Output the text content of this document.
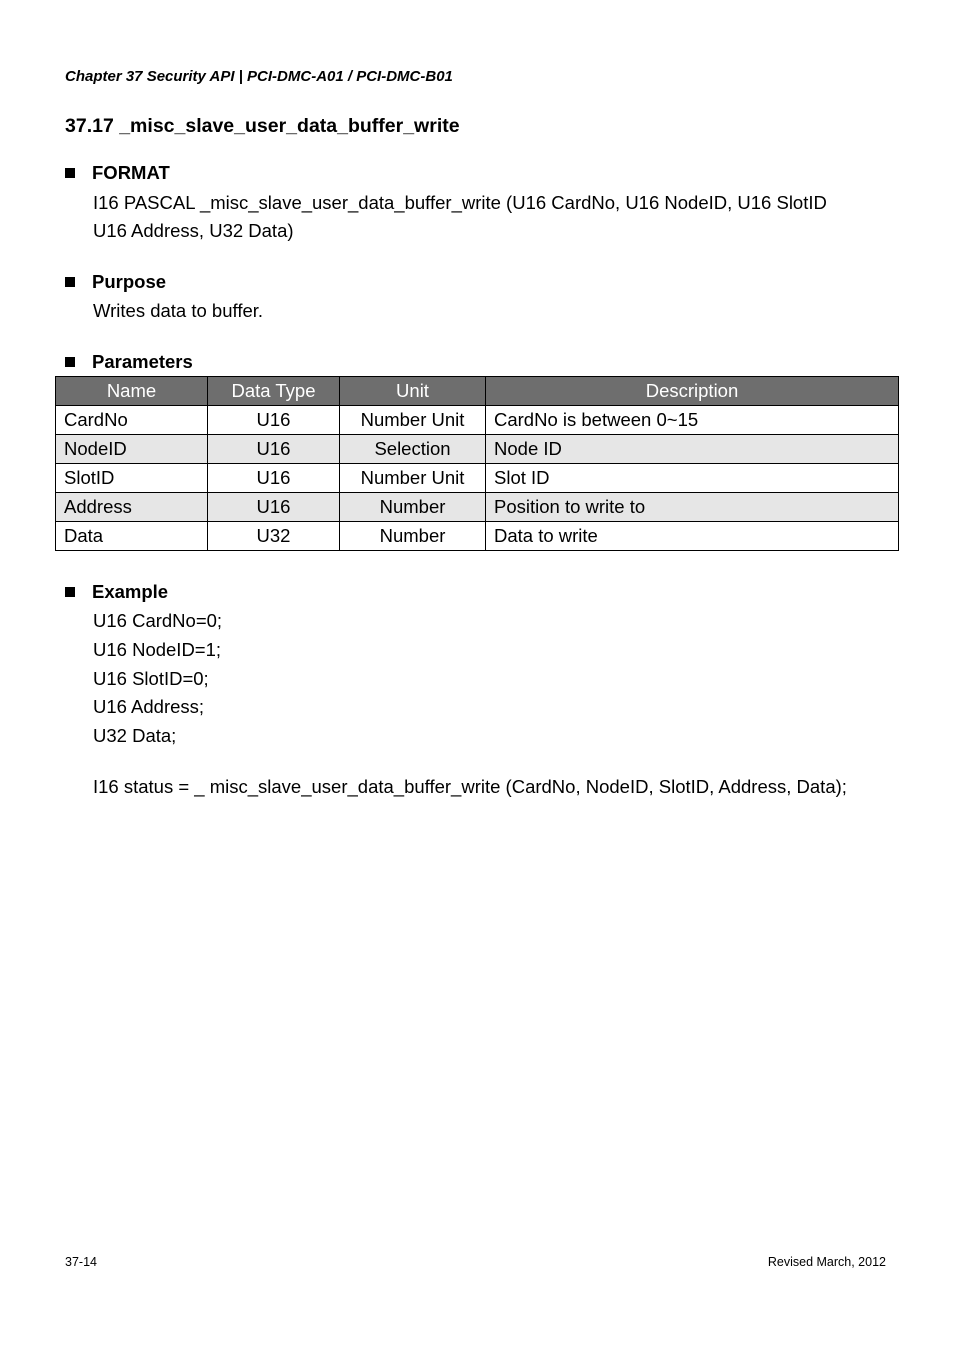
Chapter 37 Security API | PCI-DMC-A01 / PCI-DMC-B01
37.17 _misc_slave_user_data_buffer_write
FORMAT
I16 PASCAL _misc_slave_user_data_buffer_write (U16 CardNo, U16 NodeID, U16 SlotID
U16 Address, U32 Data)
Purpose
Writes data to buffer.
Parameters
Name	Data Type	Unit	Description
CardNo	U16	Number Unit	CardNo is between 0~15
NodeID	U16	Selection	Node ID
SlotID	U16	Number Unit	Slot ID
Address	U16	Number	Position to write to
Data	U32	Number	Data to write
Example
U16 CardNo=0;
U16 NodeID=1;
U16 SlotID=0;
U16 Address;
U32 Data;
I16 status = _ misc_slave_user_data_buffer_write (CardNo, NodeID, SlotID, Address, Data);
37-14	Revised March, 2012
